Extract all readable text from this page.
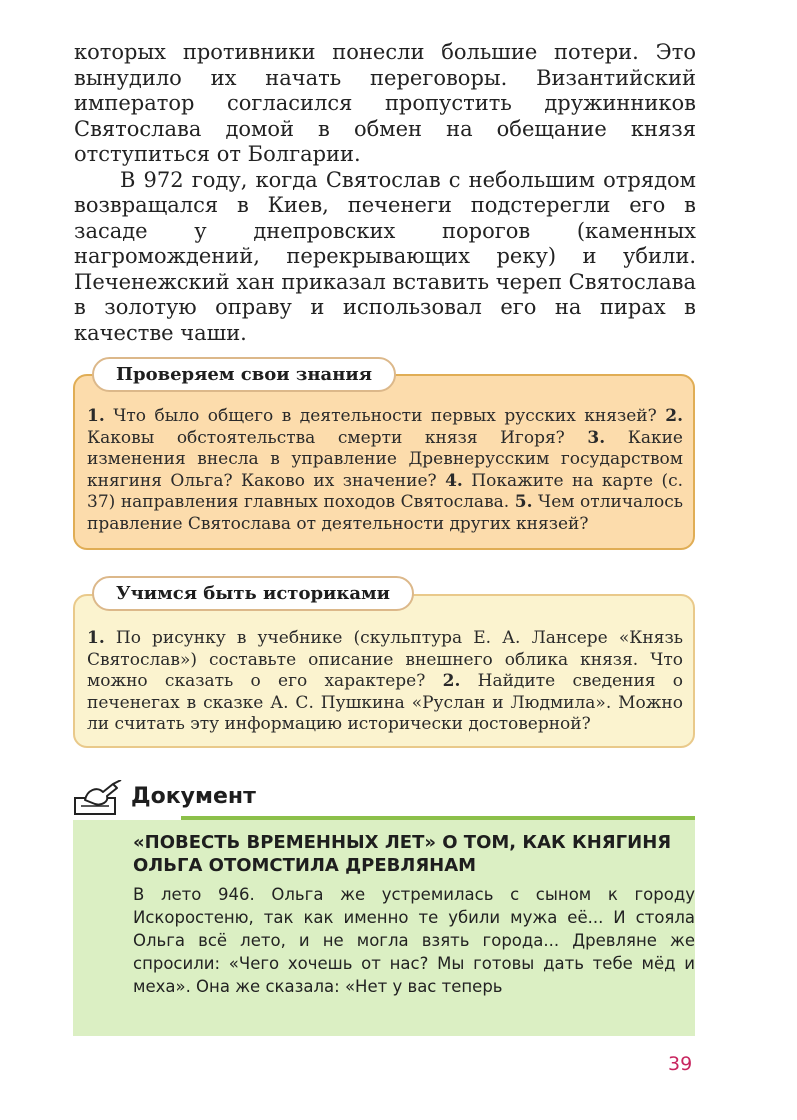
которых противники понесли большие потери. Это вынудило их начать переговоры. Византийский император согласился пропустить дружинников Святослава домой в обмен на обещание князя отступиться от Болгарии.

В 972 году, когда Святослав с небольшим отрядом возвращался в Киев, печенеги подстерегли его в засаде у днепровских порогов (каменных нагромождений, перекрывающих реку) и убили. Печенежский хан приказал вставить череп Святослава в золотую оправу и использовал его на пирах в качестве чаши.

1. Что было общего в деятельности первых русских князей? 2. Каковы обстоятельства смерти князя Игоря? 3. Какие изменения внесла в управление Древнерусским государством княгиня Ольга? Каково их значение? 4. Покажите на карте (с. 37) направления главных походов Святослава. 5. Чем отличалось правление Святослава от деятельности других князей?
Проверяем свои знания
1. По рисунку в учебнике (скульптура Е. А. Лансере «Князь Святослав») составьте описание внешнего облика князя. Что можно сказать о его характере? 2. Найдите сведения о печенегах в сказке А. С. Пушкина «Руслан и Людмила». Можно ли считать эту информацию исторически достоверной?
Учимся быть историками
Документ

«ПОВЕСТЬ ВРЕМЕННЫХ ЛЕТ» О ТОМ, КАК КНЯГИНЯ ОЛЬГА ОТОМСТИЛА ДРЕВЛЯНАМ

В лето 946. Ольга же устремилась с сыном к городу Искоростеню, так как именно те убили мужа её... И стояла Ольга всё лето, и не могла взять города... Древляне же спросили: «Чего хочешь от нас? Мы готовы дать тебе мёд и меха». Она же сказала: «Нет у вас теперь

39
